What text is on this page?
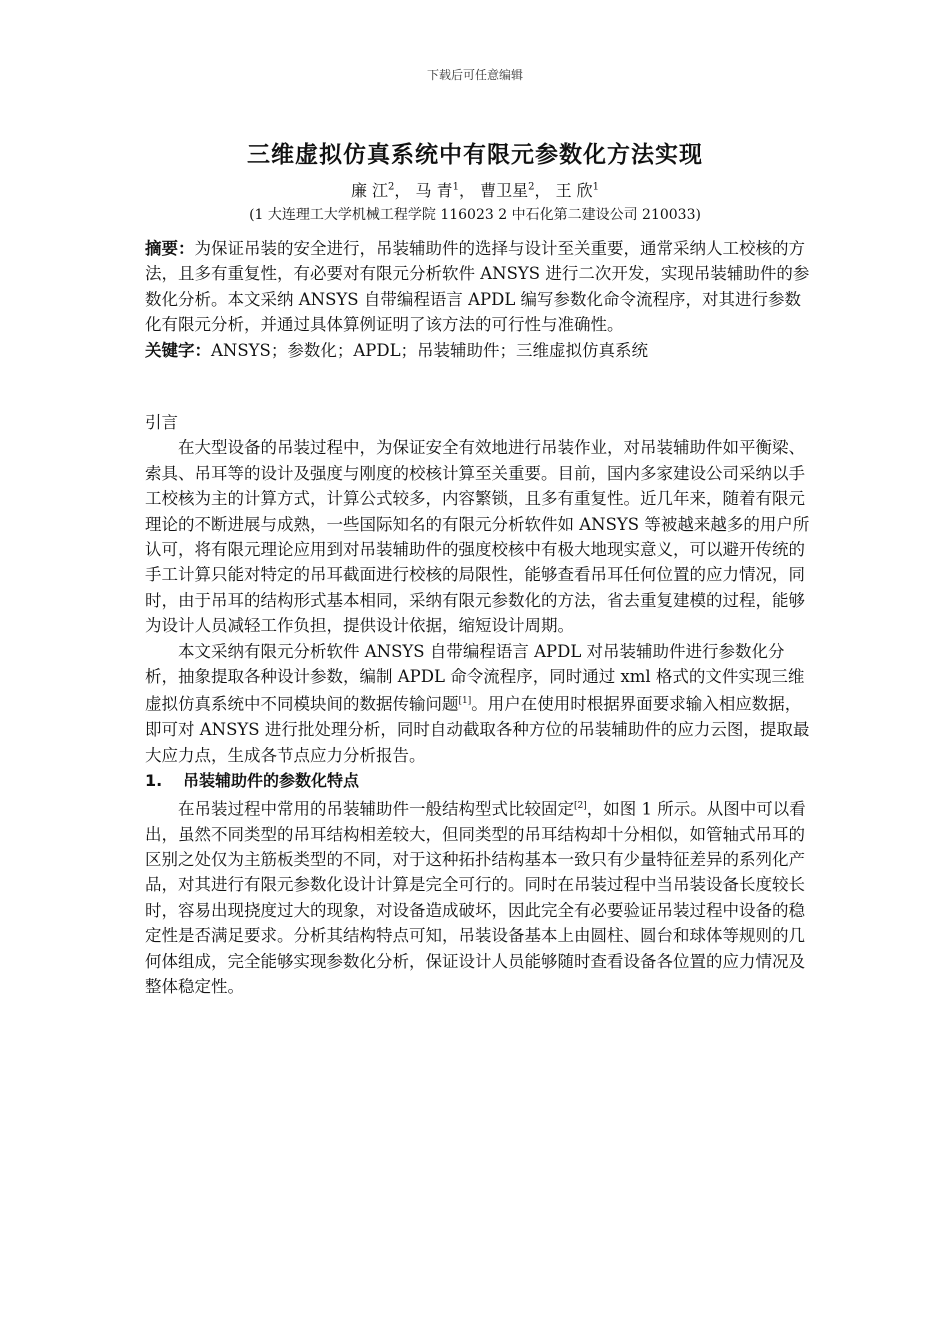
下载后可任意编辑
三维虚拟仿真系统中有限元参数化方法实现
廉 江$^2$， 马 青$^1$， 曹卫星$^2$， 王 欣$^1$
(1 大连理工大学机械工程学院 116023 2 中石化第二建设公司 210033)

摘要：为保证吊装的安全进行，吊装辅助件的选择与设计至关重要，通常采纳人工校核的方法，且多有重复性，有必要对有限元分析软件 ANSYS 进行二次开发，实现吊装辅助件的参数化分析。本文采纳 ANSYS 自带编程语言 APDL 编写参数化命令流程序，对其进行参数化有限元分析，并通过具体算例证明了该方法的可行性与准确性。

关键字：ANSYS；参数化；APDL；吊装辅助件；三维虚拟仿真系统

引言

在大型设备的吊装过程中，为保证安全有效地进行吊装作业，对吊装辅助件如平衡梁、索具、吊耳等的设计及强度与刚度的校核计算至关重要。目前，国内多家建设公司采纳以手工校核为主的计算方式，计算公式较多，内容繁锁，且多有重复性。近几年来，随着有限元理论的不断进展与成熟，一些国际知名的有限元分析软件如 ANSYS 等被越来越多的用户所认可，将有限元理论应用到对吊装辅助件的强度校核中有极大地现实意义，可以避开传统的手工计算只能对特定的吊耳截面进行校核的局限性，能够查看吊耳任何位置的应力情况，同时，由于吊耳的结构形式基本相同，采纳有限元参数化的方法，省去重复建模的过程，能够为设计人员减轻工作负担，提供设计依据，缩短设计周期。

本文采纳有限元分析软件 ANSYS 自带编程语言 APDL 对吊装辅助件进行参数化分析，抽象提取各种设计参数，编制 APDL 命令流程序，同时通过 xml 格式的文件实现三维虚拟仿真系统中不同模块间的数据传输问题[1]。用户在使用时根据界面要求输入相应数据，即可对 ANSYS 进行批处理分析，同时自动截取各种方位的吊装辅助件的应力云图，提取最大应力点，生成各节点应力分析报告。

1. 吊装辅助件的参数化特点

在吊装过程中常用的吊装辅助件一般结构型式比较固定[2]，如图 1 所示。从图中可以看出，虽然不同类型的吊耳结构相差较大，但同类型的吊耳结构却十分相似，如管轴式吊耳的区别之处仅为主筋板类型的不同，对于这种拓扑结构基本一致只有少量特征差异的系列化产品，对其进行有限元参数化设计计算是完全可行的。同时在吊装过程中当吊装设备长度较长时，容易出现挠度过大的现象，对设备造成破坏，因此完全有必要验证吊装过程中设备的稳定性是否满足要求。分析其结构特点可知，吊装设备基本上由圆柱、圆台和球体等规则的几何体组成，完全能够实现参数化分析，保证设计人员能够随时查看设备各位置的应力情况及整体稳定性。
